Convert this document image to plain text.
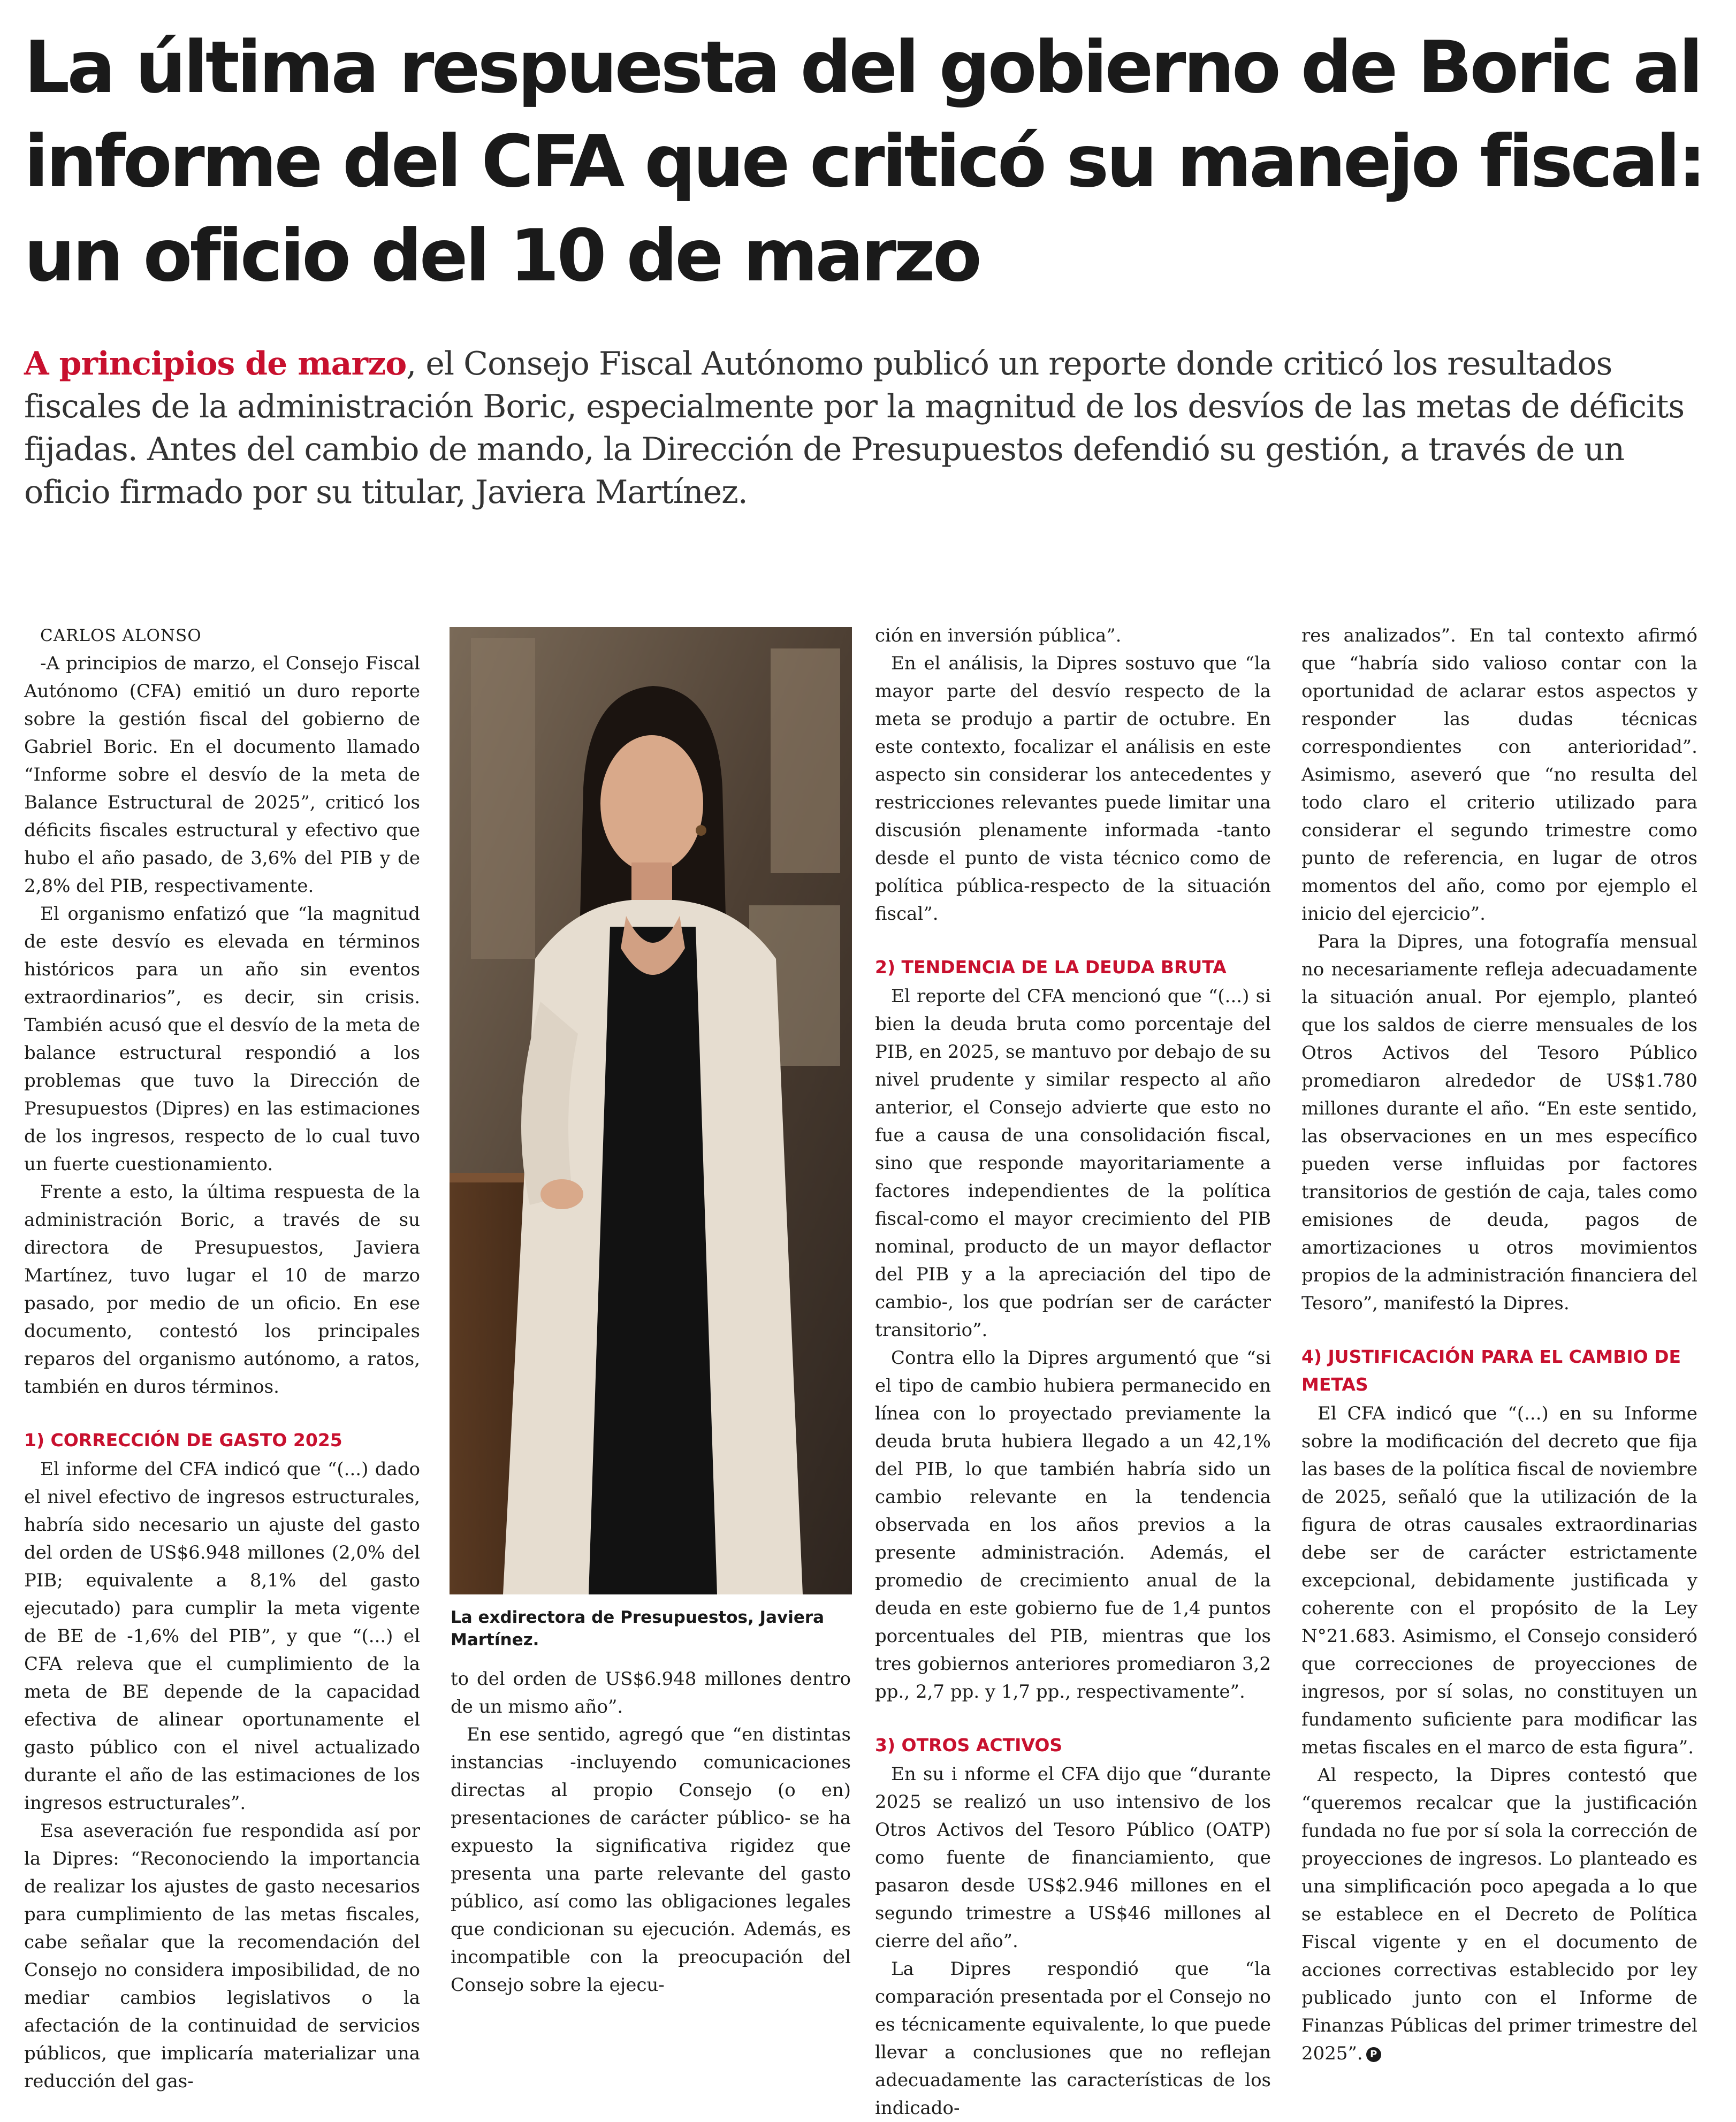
La última respuesta del gobierno de Boric al informe del CFA que criticó su manejo fiscal: un oficio del 10 de marzo

A principios de marzo, el Consejo Fiscal Autónomo publicó un reporte donde criticó los resultados fiscales de la administración Boric, especialmente por la magnitud de los desvíos de las metas de déficits fijadas. Antes del cambio de mando, la Dirección de Presupuestos defendió su gestión, a través de un oficio firmado por su titular, Javiera Martínez.

CARLOS ALONSO

-A principios de marzo, el Consejo Fiscal Autónomo (CFA) emitió un duro reporte sobre la gestión fiscal del gobierno de Gabriel Boric. En el documento llamado “Informe sobre el desvío de la meta de Balance Estructural de 2025”, criticó los déficits fiscales estructural y efectivo que hubo el año pasado, de 3,6% del PIB y de 2,8% del PIB, respectivamente.

El organismo enfatizó que “la magnitud de este desvío es elevada en términos históricos para un año sin eventos extraordinarios”, es decir, sin crisis. También acusó que el desvío de la meta de balance estructural respondió a los problemas que tuvo la Dirección de Presupuestos (Dipres) en las estimaciones de los ingresos, respecto de lo cual tuvo un fuerte cuestionamiento.

Frente a esto, la última respuesta de la administración Boric, a través de su directora de Presupuestos, Javiera Martínez, tuvo lugar el 10 de marzo pasado, por medio de un oficio. En ese documento, contestó los principales reparos del organismo autónomo, a ratos, también en duros términos.

1) CORRECCIÓN DE GASTO 2025

El informe del CFA indicó que “(...) dado el nivel efectivo de ingresos estructurales, habría sido necesario un ajuste del gasto del orden de US$6.948 millones (2,0% del PIB; equivalente a 8,1% del gasto ejecutado) para cumplir la meta vigente de BE de -1,6% del PIB”, y que “(...) el CFA releva que el cumplimiento de la meta de BE depende de la capacidad efectiva de alinear oportunamente el gasto público con el nivel actualizado durante el año de las estimaciones de los ingresos estructurales”.

Esa aseveración fue respondida así por la Dipres: “Reconociendo la importancia de realizar los ajustes de gasto necesarios para cumplimiento de las metas fiscales, cabe señalar que la recomendación del Consejo no considera imposibilidad, de no mediar cambios legislativos o la afectación de la continuidad de servicios públicos, que implicaría materializar una reducción del gas-

La exdirectora de Presupuestos, Javiera Martínez.

to del orden de US$6.948 millones dentro de un mismo año”.

En ese sentido, agregó que “en distintas instancias -incluyendo comunicaciones directas al propio Consejo (o en) presentaciones de carácter público- se ha expuesto la significativa rigidez que presenta una parte relevante del gasto público, así como las obligaciones legales que condicionan su ejecución. Además, es incompatible con la preocupación del Consejo sobre la ejecu-

ción en inversión pública”.

En el análisis, la Dipres sostuvo que “la mayor parte del desvío respecto de la meta se produjo a partir de octubre. En este contexto, focalizar el análisis en este aspecto sin considerar los antecedentes y restricciones relevantes puede limitar una discusión plenamente informada -tanto desde el punto de vista técnico como de política pública-respecto de la situación fiscal”.

2) TENDENCIA DE LA DEUDA BRUTA

El reporte del CFA mencionó que “(...) si bien la deuda bruta como porcentaje del PIB, en 2025, se mantuvo por debajo de su nivel prudente y similar respecto al año anterior, el Consejo advierte que esto no fue a causa de una consolidación fiscal, sino que responde mayoritariamente a factores independientes de la política fiscal-como el mayor crecimiento del PIB nominal, producto de un mayor deflactor del PIB y a la apreciación del tipo de cambio-, los que podrían ser de carácter transitorio”.

Contra ello la Dipres argumentó que “si el tipo de cambio hubiera permanecido en línea con lo proyectado previamente la deuda bruta hubiera llegado a un 42,1% del PIB, lo que también habría sido un cambio relevante en la tendencia observada en los años previos a la presente administración. Además, el promedio de crecimiento anual de la deuda en este gobierno fue de 1,4 puntos porcentuales del PIB, mientras que los tres gobiernos anteriores promediaron 3,2 pp., 2,7 pp. y 1,7 pp., respectivamente”.

3) OTROS ACTIVOS

En su i nforme el CFA dijo que “durante 2025 se realizó un uso intensivo de los Otros Activos del Tesoro Público (OATP) como fuente de financiamiento, que pasaron desde US$2.946 millones en el segundo trimestre a US$46 millones al cierre del año”.

La Dipres respondió que “la comparación presentada por el Consejo no es técnicamente equivalente, lo que puede llevar a conclusiones que no reflejan adecuadamente las características de los indicado-

res analizados”. En tal contexto afirmó que “habría sido valioso contar con la oportunidad de aclarar estos aspectos y responder las dudas técnicas correspondientes con anterioridad”. Asimismo, aseveró que “no resulta del todo claro el criterio utilizado para considerar el segundo trimestre como punto de referencia, en lugar de otros momentos del año, como por ejemplo el inicio del ejercicio”.

Para la Dipres, una fotografía mensual no necesariamente refleja adecuadamente la situación anual. Por ejemplo, planteó que los saldos de cierre mensuales de los Otros Activos del Tesoro Público promediaron alrededor de US$1.780 millones durante el año. “En este sentido, las observaciones en un mes específico pueden verse influidas por factores transitorios de gestión de caja, tales como emisiones de deuda, pagos de amortizaciones u otros movimientos propios de la administración financiera del Tesoro”, manifestó la Dipres.

4) JUSTIFICACIÓN PARA EL CAMBIO DE METAS

El CFA indicó que “(...) en su Informe sobre la modificación del decreto que fija las bases de la política fiscal de noviembre de 2025, señaló que la utilización de la figura de otras causales extraordinarias debe ser de carácter estrictamente excepcional, debidamente justificada y coherente con el propósito de la Ley N°21.683. Asimismo, el Consejo consideró que correcciones de proyecciones de ingresos, por sí solas, no constituyen un fundamento suficiente para modificar las metas fiscales en el marco de esta figura”.

Al respecto, la Dipres contestó que “queremos recalcar que la justificación fundada no fue por sí sola la corrección de proyecciones de ingresos. Lo planteado es una simplificación poco apegada a lo que se establece en el Decreto de Política Fiscal vigente y en el documento de acciones correctivas establecido por ley publicado junto con el Informe de Finanzas Públicas del primer trimestre del 2025”. P
